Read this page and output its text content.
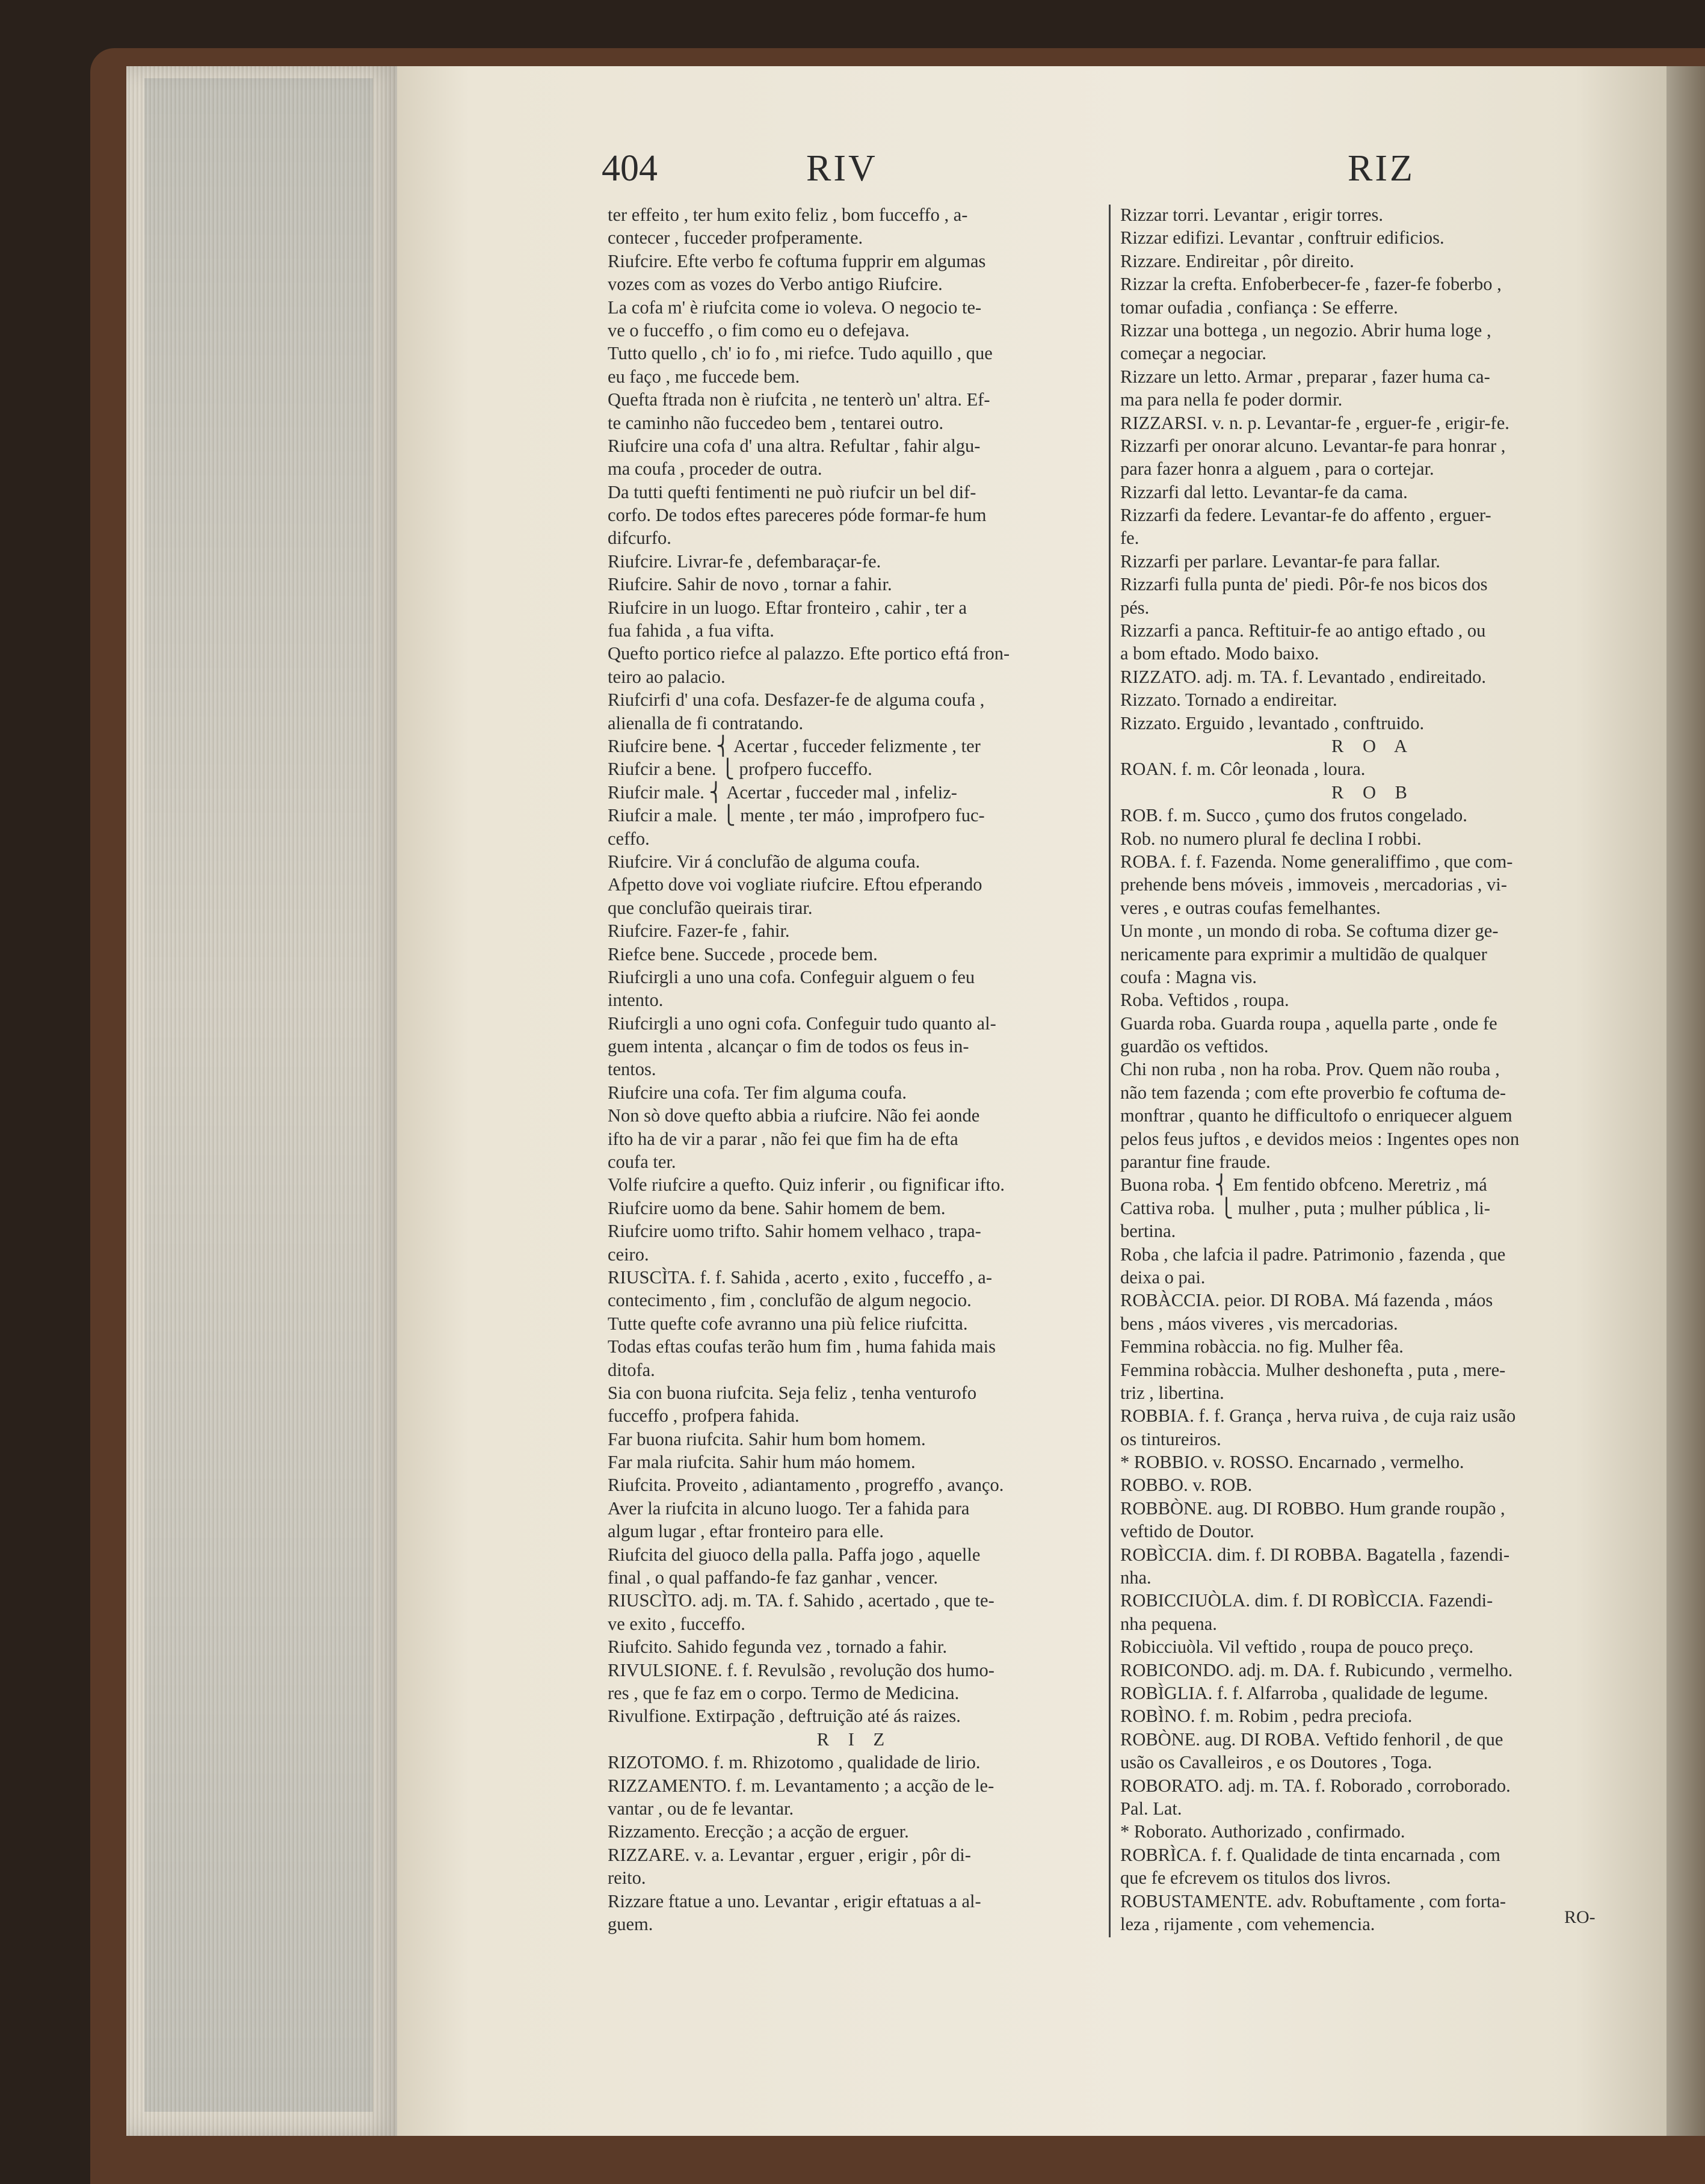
404	RIV	RIZ
ter effeito , ter hum exito feliz , bom fucceffo , a-
contecer , fucceder profperamente.
Riufcire. Efte verbo fe coftuma fupprir em algumas
vozes com as vozes do Verbo antigo Riufcire.
La cofa m' è riufcita come io voleva. O negocio te-
ve o fucceffo , o fim como eu o defejava.
Tutto quello , ch' io fo , mi riefce. Tudo aquillo , que
eu faço , me fuccede bem.
Quefta ftrada non è riufcita , ne tenterò un' altra. Ef-
te caminho não fuccedeo bem , tentarei outro.
Riufcire una cofa d' una altra. Refultar , fahir algu-
ma coufa , proceder de outra.
Da tutti quefti fentimenti ne può riufcir un bel dif-
corfo. De todos eftes pareceres póde formar-fe hum
difcurfo.
Riufcire. Livrar-fe , defembaraçar-fe.
Riufcire. Sahir de novo , tornar a fahir.
Riufcire in un luogo. Eftar fronteiro , cahir , ter a
fua fahida , a fua vifta.
Quefto portico riefce al palazzo. Efte portico eftá fron-
teiro ao palacio.
Riufcirfi d' una cofa. Desfazer-fe de alguma coufa ,
alienalla de fi contratando.
Riufcire bene. ⎨ Acertar , fucceder felizmente , ter
Riufcir a bene. ⎩ profpero fucceffo.
Riufcir male. ⎨ Acertar , fucceder mal , infeliz-
Riufcir a male. ⎩ mente , ter máo , improfpero fuc-
ceffo.
Riufcire. Vir á conclufão de alguma coufa.
Afpetto dove voi vogliate riufcire. Eftou efperando
que conclufão queirais tirar.
Riufcire. Fazer-fe , fahir.
Riefce bene. Succede , procede bem.
Riufcirgli a uno una cofa. Confeguir alguem o feu
intento.
Riufcirgli a uno ogni cofa. Confeguir tudo quanto al-
guem intenta , alcançar o fim de todos os feus in-
tentos.
Riufcire una cofa. Ter fim alguma coufa.
Non sò dove quefto abbia a riufcire. Não fei aonde
ifto ha de vir a parar , não fei que fim ha de efta
coufa ter.
Volfe riufcire a quefto. Quiz inferir , ou fignificar ifto.
Riufcire uomo da bene. Sahir homem de bem.
Riufcire uomo trifto. Sahir homem velhaco , trapa-
ceiro.
RIUSCÌTA. f. f. Sahida , acerto , exito , fucceffo , a-
contecimento , fim , conclufão de algum negocio.
Tutte quefte cofe avranno una più felice riufcitta.
Todas eftas coufas terão hum fim , huma fahida mais
ditofa.
Sia con buona riufcita. Seja feliz , tenha venturofo
fucceffo , profpera fahida.
Far buona riufcita. Sahir hum bom homem.
Far mala riufcita. Sahir hum máo homem.
Riufcita. Proveito , adiantamento , progreffo , avanço.
Aver la riufcita in alcuno luogo. Ter a fahida para
algum lugar , eftar fronteiro para elle.
Riufcita del giuoco della palla. Paffa jogo , aquelle
final , o qual paffando-fe faz ganhar , vencer.
RIUSCÌTO. adj. m. TA. f. Sahido , acertado , que te-
ve exito , fucceffo.
Riufcito. Sahido fegunda vez , tornado a fahir.
RIVULSIONE. f. f. Revulsão , revolução dos humo-
res , que fe faz em o corpo. Termo de Medicina.
Rivulfione. Extirpação , deftruição até ás raizes.
R I Z
RIZOTOMO. f. m. Rhizotomo , qualidade de lirio.
RIZZAMENTO. f. m. Levantamento ; a acção de le-
vantar , ou de fe levantar.
Rizzamento. Erecção ; a acção de erguer.
RIZZARE. v. a. Levantar , erguer , erigir , pôr di-
reito.
Rizzare ftatue a uno. Levantar , erigir eftatuas a al-
guem.
Rizzar torri. Levantar , erigir torres.
Rizzar edifizi. Levantar , conftruir edificios.
Rizzare. Endireitar , pôr direito.
Rizzar la crefta. Enfoberbecer-fe , fazer-fe foberbo ,
tomar oufadia , confiança : Se efferre.
Rizzar una bottega , un negozio. Abrir huma loge ,
começar a negociar.
Rizzare un letto. Armar , preparar , fazer huma ca-
ma para nella fe poder dormir.
RIZZARSI. v. n. p. Levantar-fe , erguer-fe , erigir-fe.
Rizzarfi per onorar alcuno. Levantar-fe para honrar ,
para fazer honra a alguem , para o cortejar.
Rizzarfi dal letto. Levantar-fe da cama.
Rizzarfi da federe. Levantar-fe do affento , erguer-
fe.
Rizzarfi per parlare. Levantar-fe para fallar.
Rizzarfi fulla punta de' piedi. Pôr-fe nos bicos dos
pés.
Rizzarfi a panca. Reftituir-fe ao antigo eftado , ou
a bom eftado. Modo baixo.
RIZZATO. adj. m. TA. f. Levantado , endireitado.
Rizzato. Tornado a endireitar.
Rizzato. Erguido , levantado , conftruido.
R O A
ROAN. f. m. Côr leonada , loura.
R O B
ROB. f. m. Succo , çumo dos frutos congelado.
Rob. no numero plural fe declina I robbi.
ROBA. f. f. Fazenda. Nome generaliffimo , que com-
prehende bens móveis , immoveis , mercadorias , vi-
veres , e outras coufas femelhantes.
Un monte , un mondo di roba. Se coftuma dizer ge-
nericamente para exprimir a multidão de qualquer
coufa : Magna vis.
Roba. Veftidos , roupa.
Guarda roba. Guarda roupa , aquella parte , onde fe
guardão os veftidos.
Chi non ruba , non ha roba. Prov. Quem não rouba ,
não tem fazenda ; com efte proverbio fe coftuma de-
monftrar , quanto he difficultofo o enriquecer alguem
pelos feus juftos , e devidos meios : Ingentes opes non
parantur fine fraude.
Buona roba. ⎨ Em fentido obfceno. Meretriz , má
Cattiva roba. ⎩ mulher , puta ; mulher pública , li-
bertina.
Roba , che lafcia il padre. Patrimonio , fazenda , que
deixa o pai.
ROBÀCCIA. peior. DI ROBA. Má fazenda , máos
bens , máos viveres , vis mercadorias.
Femmina robàccia. no fig. Mulher fêa.
Femmina robàccia. Mulher deshonefta , puta , mere-
triz , libertina.
ROBBIA. f. f. Grança , herva ruiva , de cuja raiz usão
os tintureiros.
* ROBBIO. v. ROSSO. Encarnado , vermelho.
ROBBO. v. ROB.
ROBBÒNE. aug. DI ROBBO. Hum grande roupão ,
veftido de Doutor.
ROBÌCCIA. dim. f. DI ROBBA. Bagatella , fazendi-
nha.
ROBICCIUÒLA. dim. f. DI ROBÌCCIA. Fazendi-
nha pequena.
Robicciuòla. Vil veftido , roupa de pouco preço.
ROBICONDO. adj. m. DA. f. Rubicundo , vermelho.
ROBÌGLIA. f. f. Alfarroba , qualidade de legume.
ROBÌNO. f. m. Robim , pedra preciofa.
ROBÒNE. aug. DI ROBA. Veftido fenhoril , de que
usão os Cavalleiros , e os Doutores , Toga.
ROBORATO. adj. m. TA. f. Roborado , corroborado.
Pal. Lat.
* Roborato. Authorizado , confirmado.
ROBRÌCA. f. f. Qualidade de tinta encarnada , com
que fe efcrevem os titulos dos livros.
ROBUSTAMENTE. adv. Robuftamente , com forta-
leza , rijamente , com vehemencia.	RO-
